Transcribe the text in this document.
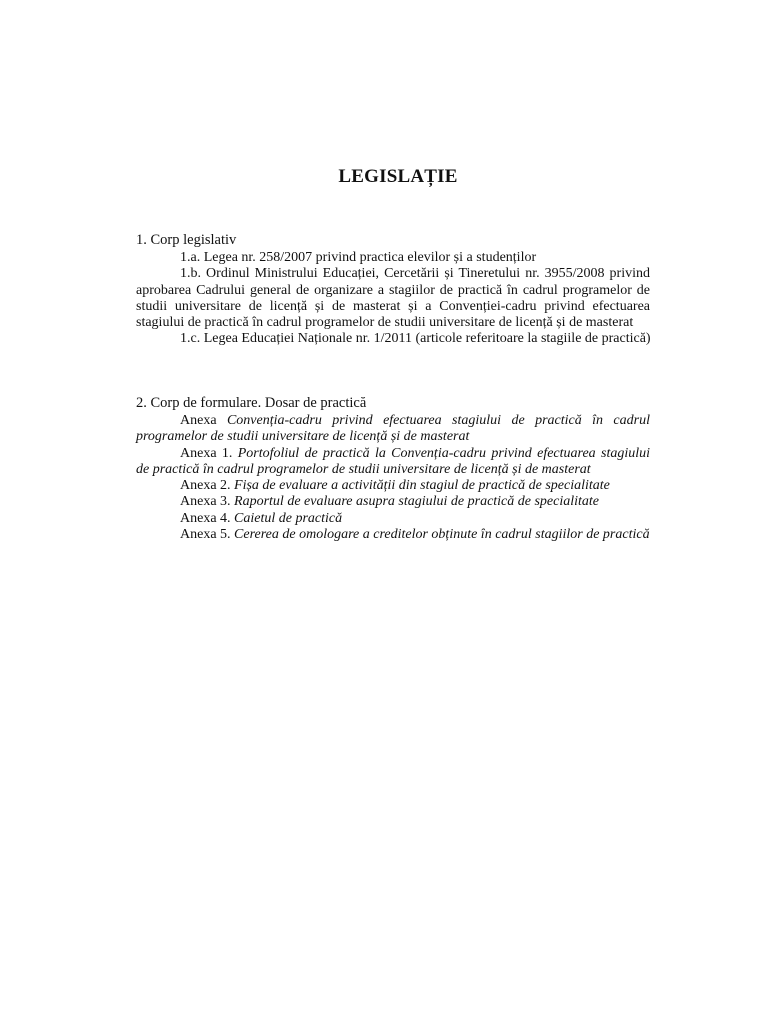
LEGISLAȚIE
1. Corp legislativ
1.a. Legea nr. 258/2007 privind practica elevilor și a studenților
1.b. Ordinul Ministrului Educației, Cercetării și Tineretului nr. 3955/2008 privind aprobarea Cadrului general de organizare a stagiilor de practică în cadrul programelor de studii universitare de licență și de masterat și a Convenției-cadru privind efectuarea stagiului de practică în cadrul programelor de studii universitare de licență și de masterat
1.c. Legea Educației Naționale nr. 1/2011 (articole referitoare la stagiile de practică)
2. Corp de formulare. Dosar de practică
Anexa Convenția-cadru privind efectuarea stagiului de practică în cadrul programelor de studii universitare de licență și de masterat
Anexa 1. Portofoliul de practică la Convenția-cadru privind efectuarea stagiului de practică în cadrul programelor de studii universitare de licență și de masterat
Anexa 2. Fișa de evaluare a activității din stagiul de practică de specialitate
Anexa 3. Raportul de evaluare asupra stagiului de practică de specialitate
Anexa 4. Caietul de practică
Anexa 5. Cererea de omologare a creditelor obținute în cadrul stagiilor de practică
